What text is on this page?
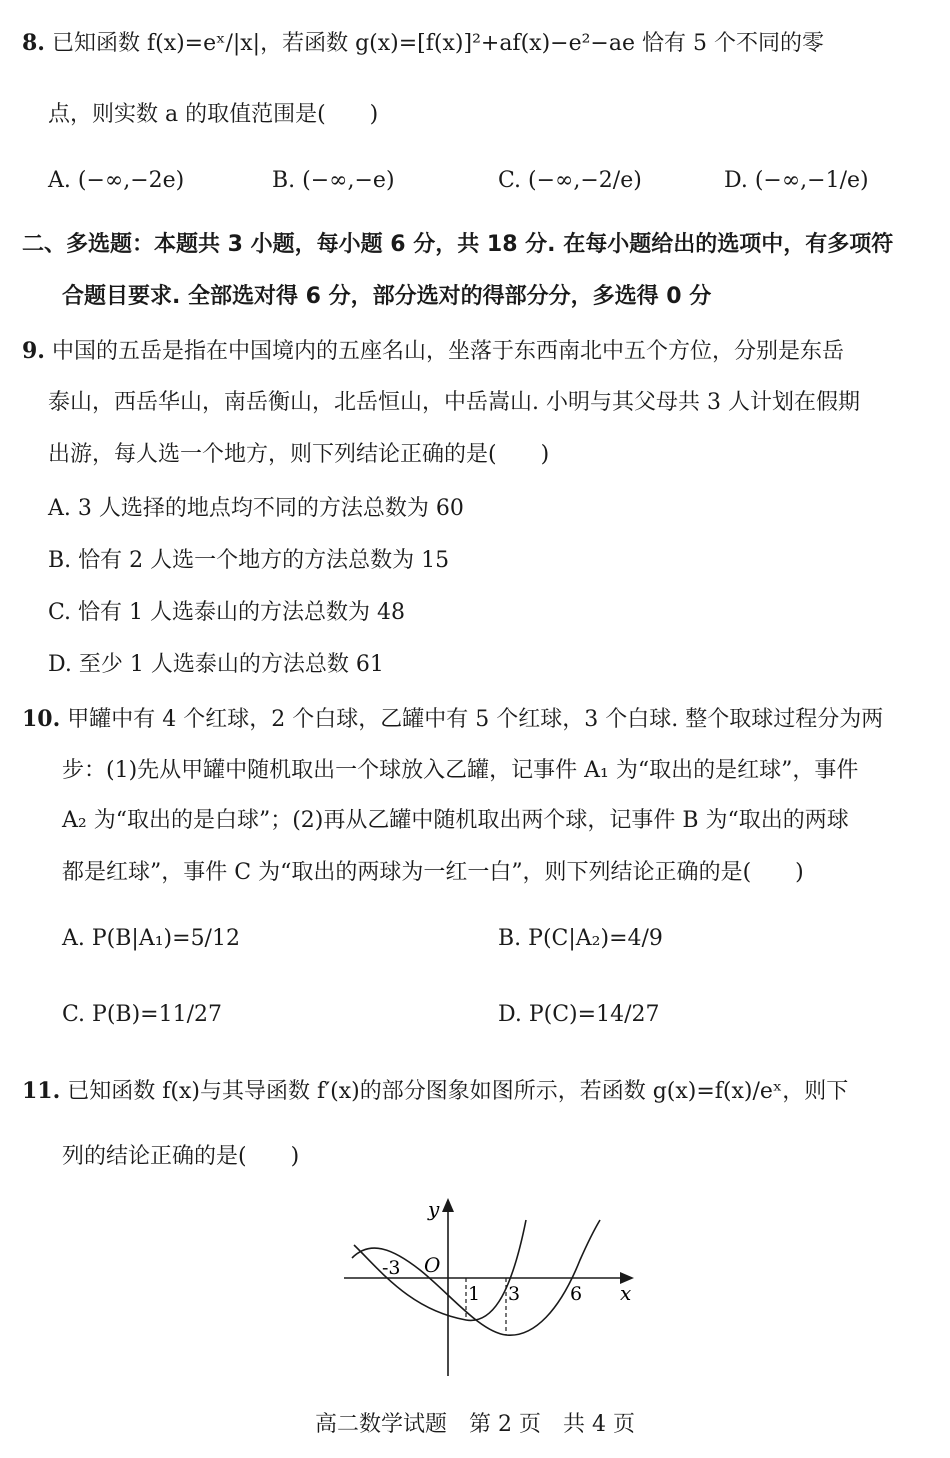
8. 已知函数 f(x)=eˣ/|x|，若函数 g(x)=[f(x)]²+af(x)−e²−ae 恰有 5 个不同的零
点，则实数 a 的取值范围是(　　)
A. (−∞,−2e)	B. (−∞,−e)	C. (−∞,−2/e)	D. (−∞,−1/e)
二、多选题：本题共 3 小题，每小题 6 分，共 18 分. 在每小题给出的选项中，有多项符
合题目要求. 全部选对得 6 分，部分选对的得部分分，多选得 0 分
9. 中国的五岳是指在中国境内的五座名山，坐落于东西南北中五个方位，分别是东岳
泰山，西岳华山，南岳衡山，北岳恒山，中岳嵩山. 小明与其父母共 3 人计划在假期
出游，每人选一个地方，则下列结论正确的是(　　)
A. 3 人选择的地点均不同的方法总数为 60
B. 恰有 2 人选一个地方的方法总数为 15
C. 恰有 1 人选泰山的方法总数为 48
D. 至少 1 人选泰山的方法总数 61
10. 甲罐中有 4 个红球，2 个白球，乙罐中有 5 个红球，3 个白球. 整个取球过程分为两
步：(1)先从甲罐中随机取出一个球放入乙罐，记事件 A₁ 为“取出的是红球”，事件
A₂ 为“取出的是白球”；(2)再从乙罐中随机取出两个球，记事件 B 为“取出的两球
都是红球”，事件 C 为“取出的两球为一红一白”，则下列结论正确的是(　　)
A. P(B|A₁)=5/12	B. P(C|A₂)=4/9
C. P(B)=11/27	D. P(C)=14/27
11. 已知函数 f(x)与其导函数 f′(x)的部分图象如图所示，若函数 g(x)=f(x)/eˣ，则下
列的结论正确的是(　　)
y
x
O
-3
1 3	6
高二数学试题　第 2 页　共 4 页
